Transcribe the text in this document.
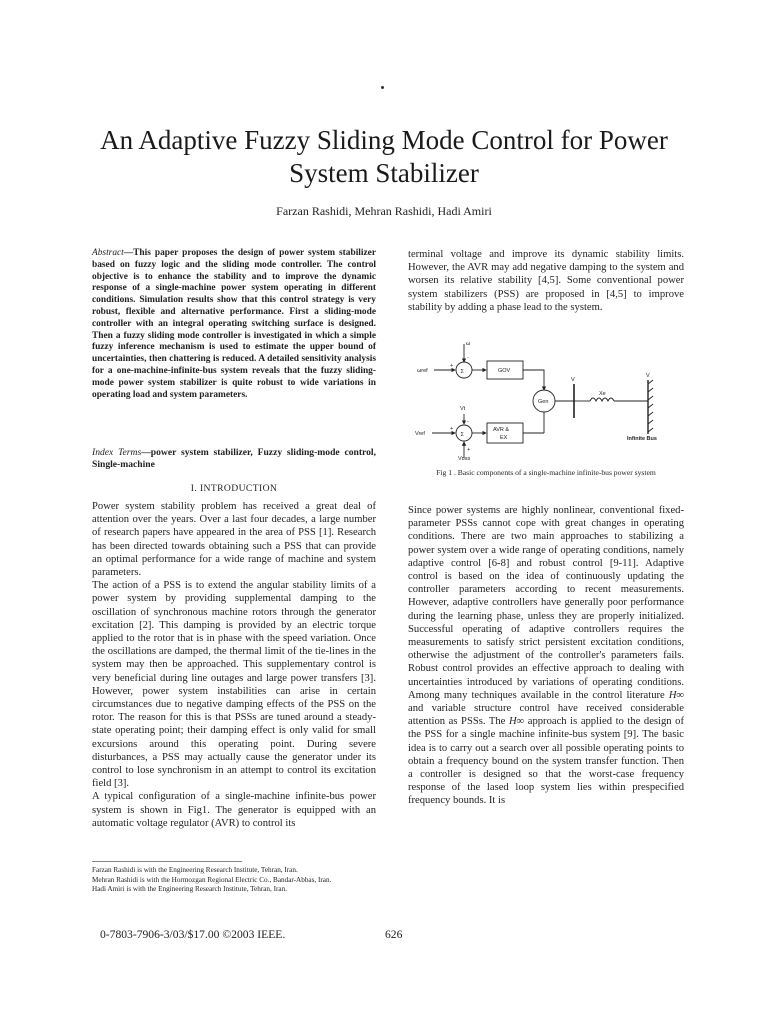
An Adaptive Fuzzy Sliding Mode Control for Power System Stabilizer
Farzan Rashidi, Mehran Rashidi, Hadi Amiri
Abstract—This paper proposes the design of power system stabilizer based on fuzzy logic and the sliding mode controller. The control objective is to enhance the stability and to improve the dynamic response of a single-machine power system operating in different conditions. Simulation results show that this control strategy is very robust, flexible and alternative performance. First a sliding-mode controller with an integral operating switching surface is designed. Then a fuzzy sliding mode controller is investigated in which a simple fuzzy inference mechanism is used to estimate the upper bound of uncertainties, then chattering is reduced. A detailed sensitivity analysis for a one-machine-infinite-bus system reveals that the fuzzy sliding-mode power system stabilizer is quite robust to wide variations in operating load and system parameters.
Index Terms—power system stabilizer, Fuzzy sliding-mode control, Single-machine
I. INTRODUCTION

Power system stability problem has received a great deal of attention over the years. Over a last four decades, a large number of research papers have appeared in the area of PSS [1]. Research has been directed towards obtaining such a PSS that can provide an optimal performance for a wide range of machine and system parameters.

The action of a PSS is to extend the angular stability limits of a power system by providing supplemental damping to the oscillation of synchronous machine rotors through the generator excitation [2]. This damping is provided by an electric torque applied to the rotor that is in phase with the speed variation. Once the oscillations are damped, the thermal limit of the tie-lines in the system may then be approached. This supplementary control is very beneficial during line outages and large power transfers [3]. However, power system instabilities can arise in certain circumstances due to negative damping effects of the PSS on the rotor. The reason for this is that PSSs are tuned around a steady-state operating point; their damping effect is only valid for small excursions around this operating point. During severe disturbances, a PSS may actually cause the generator under its control to lose synchronism in an attempt to control its excitation field [3].

A typical configuration of a single-machine infinite-bus power system is shown in Fig1. The generator is equipped with an automatic voltage regulator (AVR) to control its

terminal voltage and improve its dynamic stability limits. However, the AVR may add negative damping to the system and worsen its relative stability [4,5]. Some conventional power system stabilizers (PSS) are proposed in [4,5] to improve stability by adding a phase lead to the system.
ω
-
ωref
+
Σ	GOV
Gen
V
Xe
V
Vt
-
Vref
+
Σ
AVR &
EX
+
Vpss
Infinite Bus
Fig 1 . Basic components of a single-machine infinite-bus power system
Since power systems are highly nonlinear, conventional fixed-parameter PSSs cannot cope with great changes in operating conditions. There are two main approaches to stabilizing a power system over a wide range of operating conditions, namely adaptive control [6-8] and robust control [9-11]. Adaptive control is based on the idea of continuously updating the controller parameters according to recent measurements. However, adaptive controllers have generally poor performance during the learning phase, unless they are properly initialized. Successful operating of adaptive controllers requires the measurements to satisfy strict persistent excitation conditions, otherwise the adjustment of the controller's parameters fails. Robust control provides an effective approach to dealing with uncertainties introduced by variations of operating conditions. Among many techniques available in the control literature H∞ and variable structure control have received considerable attention as PSSs. The H∞ approach is applied to the design of the PSS for a single machine infinite-bus system [9]. The basic idea is to carry out a search over all possible operating points to obtain a frequency bound on the system transfer function. Then a controller is designed so that the worst-case frequency response of the lased loop system lies within prespecified frequency bounds. It is
Farzan Rashidi is with the Engineering Research Institute, Tehran, Iran.
Mehran Rashidi is with the Hormozgan Regional Electric Co., Bandar-Abbas, Iran.
Hadi Amiri is with the Engineering Research Institute, Tehran, Iran.
0-7803-7906-3/03/$17.00 ©2003 IEEE.	626
